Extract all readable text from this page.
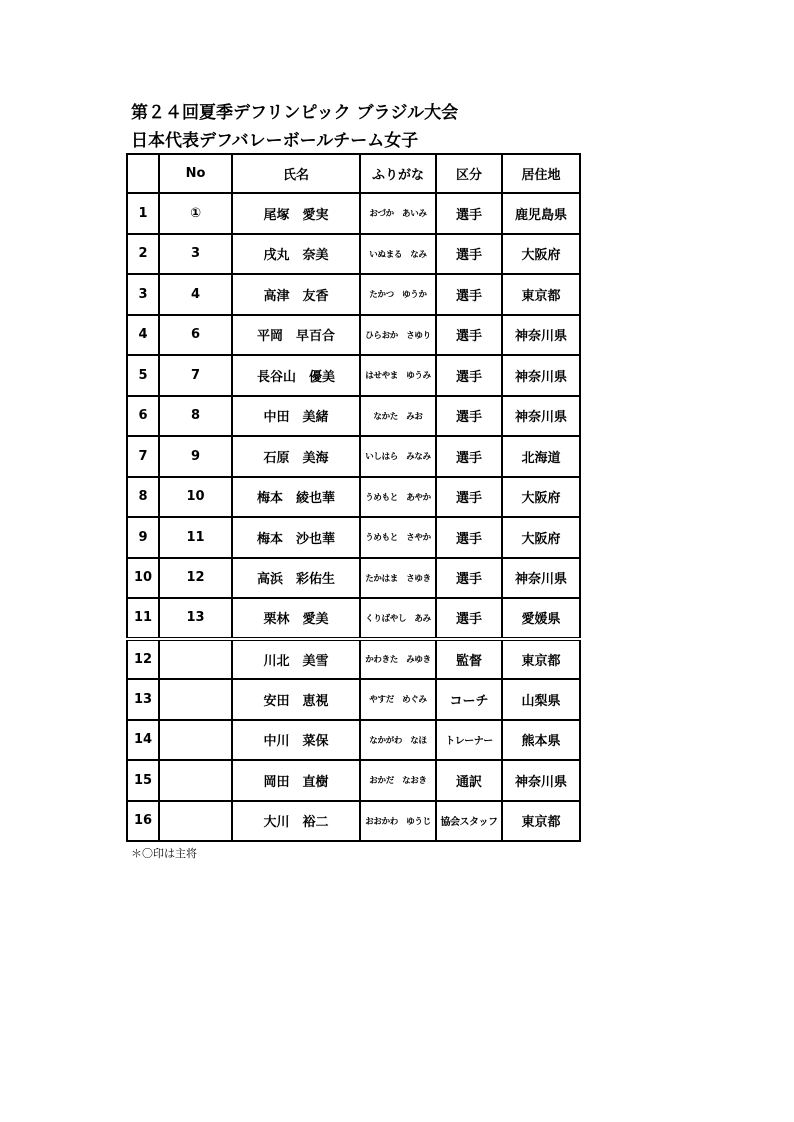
第２４回夏季デフリンピック ブラジル大会
日本代表デフバレーボールチーム女子
	No	氏名	ふりがな	区分	居住地
1	①	尾塚　愛実	おづか　あいみ	選手	鹿児島県
2	3	戌丸　奈美	いぬまる　なみ	選手	大阪府
3	4	高津　友香	たかつ　ゆうか	選手	東京都
4	6	平岡　早百合	ひらおか　さゆり	選手	神奈川県
5	7	長谷山　優美	はせやま　ゆうみ	選手	神奈川県
6	8	中田　美緒	なかた　みお	選手	神奈川県
7	9	石原　美海	いしはら　みなみ	選手	北海道
8	10	梅本　綾也華	うめもと　あやか	選手	大阪府
9	11	梅本　沙也華	うめもと　さやか	選手	大阪府
10	12	高浜　彩佑生	たかはま　さゆき	選手	神奈川県
11	13	栗林　愛美	くりばやし　あみ	選手	愛媛県
12		川北　美雪	かわきた　みゆき	監督	東京都
13		安田　恵視	やすだ　めぐみ	コーチ	山梨県
14		中川　菜保	なかがわ　なほ	トレーナー	熊本県
15		岡田　直樹	おかだ　なおき	通訳	神奈川県
16		大川　裕二	おおかわ　ゆうじ	協会スタッフ	東京都
＊〇印は主将
